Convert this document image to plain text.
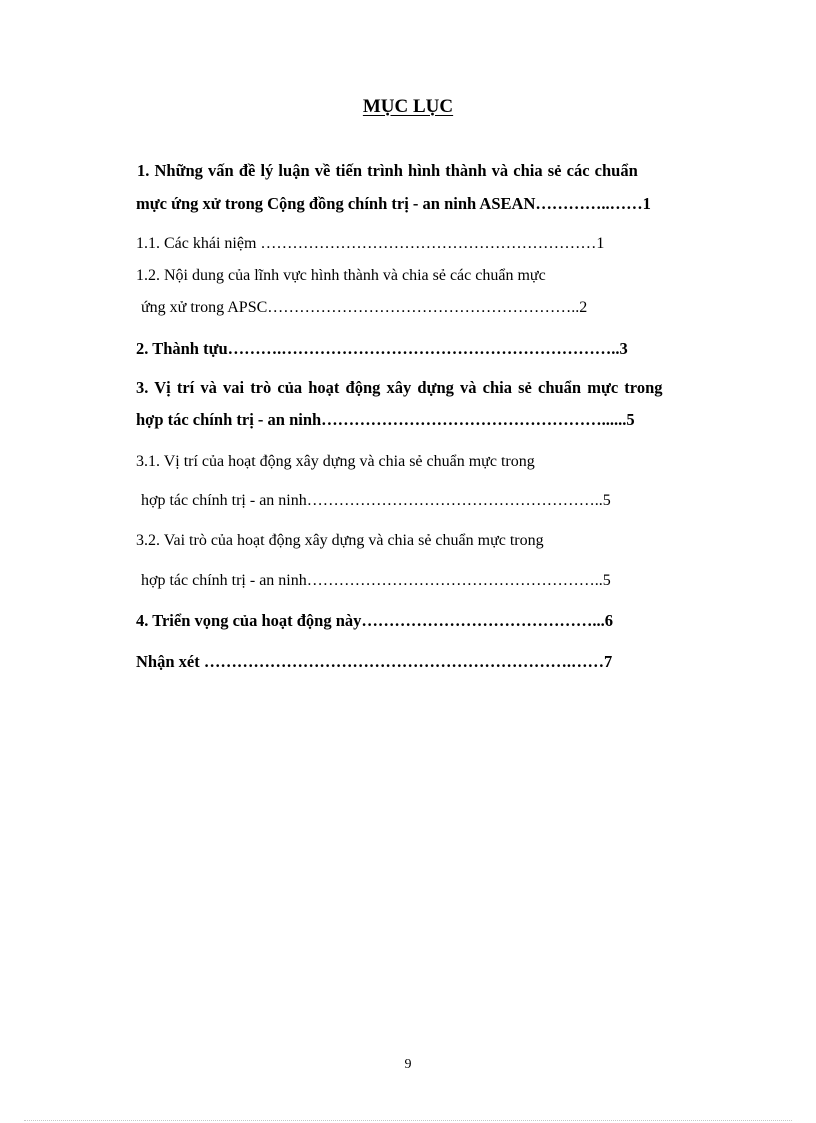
MỤC LỤC
1. Những vấn đề lý luận về tiến trình hình thành và chia sẻ các chuẩn
mực ứng xử trong Cộng đồng chính trị - an ninh ASEAN…………..……1
1.1. Các khái niệm ………………………………………………………1
1.2. Nội dung của lĩnh vực hình thành và chia sẻ các chuẩn mực
ứng xử trong APSC…………………………………………………..2
2. Thành tựu……….……………………………………………………..3
3. Vị trí và vai trò của hoạt động xây dựng và chia sẻ chuẩn mực trong
hợp tác chính trị - an ninh……………………………………………......5
3.1. Vị trí của hoạt động xây dựng và chia sẻ chuẩn mực trong
hợp tác chính trị - an ninh………………………………………………..5
3.2. Vai trò của hoạt động xây dựng và chia sẻ chuẩn mực trong
hợp tác chính trị - an ninh………………………………………………..5
4. Triển vọng của hoạt động này……………………………………...6
Nhận xét ………………………………………………………….……7
9
